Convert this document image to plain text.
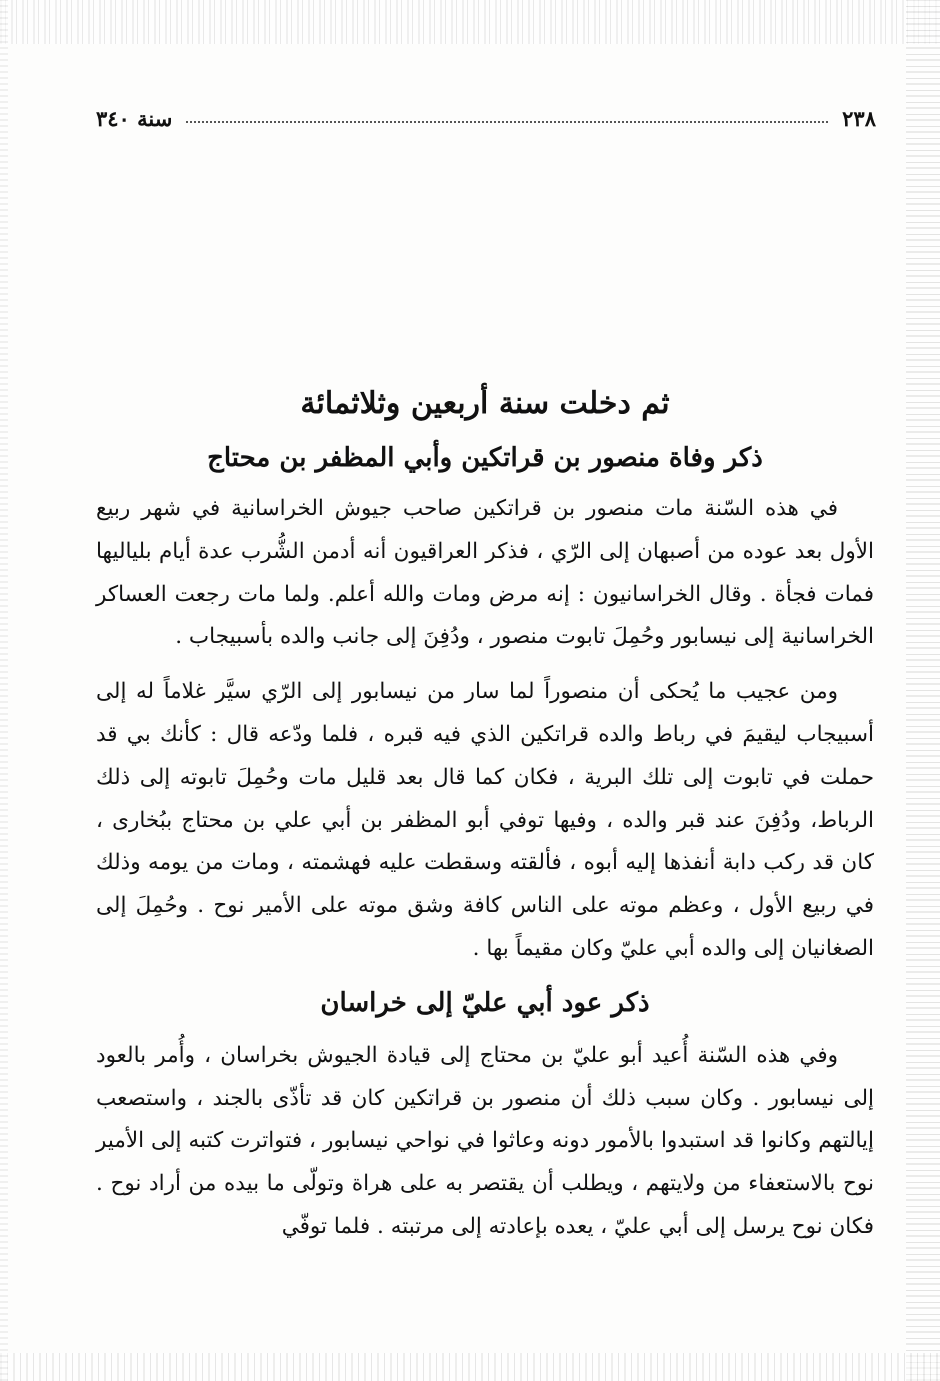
٢٣٨
سنة ٣٤٠
ثم دخلت سنة أربعين وثلاثمائة
ذكر وفاة منصور بن قراتكين وأبي المظفر بن محتاج

في هذه السّنة مات منصور بن قراتكين صاحب جيوش الخراسانية في شهر ربيع الأول بعد عوده من أصبهان إلى الرّي ، فذكر العراقيون أنه أدمن الشُّرب عدة أيام بلياليها فمات فجأة . وقال الخراسانيون : إنه مرض ومات والله أعلم. ولما مات رجعت العساكر الخراسانية إلى نيسابور وحُمِلَ تابوت منصور ، ودُفِنَ إلى جانب والده بأسبيجاب .

ومن عجيب ما يُحكى أن منصوراً لما سار من نيسابور إلى الرّي سيَّر غلاماً له إلى أسبيجاب ليقيمَ في رباط والده قراتكين الذي فيه قبره ، فلما ودّعه قال : كأنك بي قد حملت في تابوت إلى تلك البرية ، فكان كما قال بعد قليل مات وحُمِلَ تابوته إلى ذلك الرباط، ودُفِنَ عند قبر والده ، وفيها توفي أبو المظفر بن أبي علي بن محتاج ببُخارى ، كان قد ركب دابة أنفذها إليه أبوه ، فألقته وسقطت عليه فهشمته ، ومات من يومه وذلك في ربيع الأول ، وعظم موته على الناس كافة وشق موته على الأمير نوح . وحُمِلَ إلى الصغانيان إلى والده أبي عليّ وكان مقيماً بها .

ذكر عود أبي عليّ إلى خراسان

وفي هذه السّنة أُعيد أبو عليّ بن محتاج إلى قيادة الجيوش بخراسان ، وأُمر بالعود إلى نيسابور . وكان سبب ذلك أن منصور بن قراتكين كان قد تأذّى بالجند ، واستصعب إيالتهم وكانوا قد استبدوا بالأمور دونه وعاثوا في نواحي نيسابور ، فتواترت كتبه إلى الأمير نوح بالاستعفاء من ولايتهم ، ويطلب أن يقتصر به على هراة وتولّى ما بيده من أراد نوح . فكان نوح يرسل إلى أبي عليّ ، يعده بإعادته إلى مرتبته . فلما توفّي
